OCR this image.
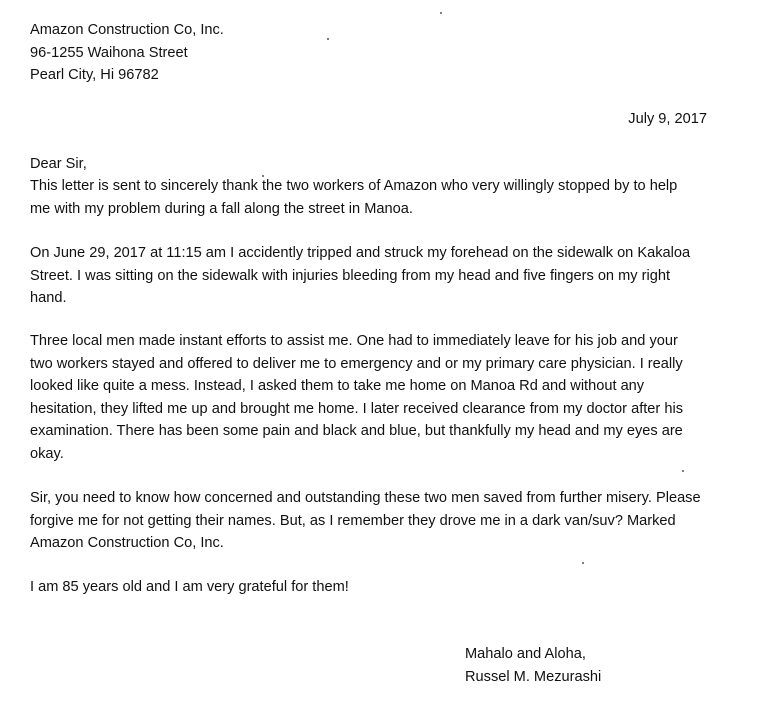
Amazon Construction Co, Inc.
96-1255 Waihona Street
Pearl City, Hi 96782
July 9, 2017
Dear Sir,
This letter is sent to sincerely thank the two workers of Amazon who very willingly stopped by to help
me with my problem during a fall along the street in Manoa.
On June 29, 2017 at 11:15 am I accidently tripped and struck my forehead on the sidewalk on Kakaloa
Street. I was sitting on the sidewalk with injuries bleeding from my head and five fingers on my right
hand.
Three local men made instant efforts to assist me. One had to immediately leave for his job and your
two workers stayed and offered to deliver me to emergency and or my primary care physician. I really
looked like quite a mess. Instead, I asked them to take me home on Manoa Rd and without any
hesitation, they lifted me up and brought me home. I later received clearance from my doctor after his
examination. There has been some pain and black and blue, but thankfully my head and my eyes are
okay.
Sir, you need to know how concerned and outstanding these two men saved from further misery. Please
forgive me for not getting their names. But, as I remember they drove me in a dark van/suv? Marked
Amazon Construction Co, Inc.
I am 85 years old and I am very grateful for them!
Mahalo and Aloha,
Russel M. Mezurashi
